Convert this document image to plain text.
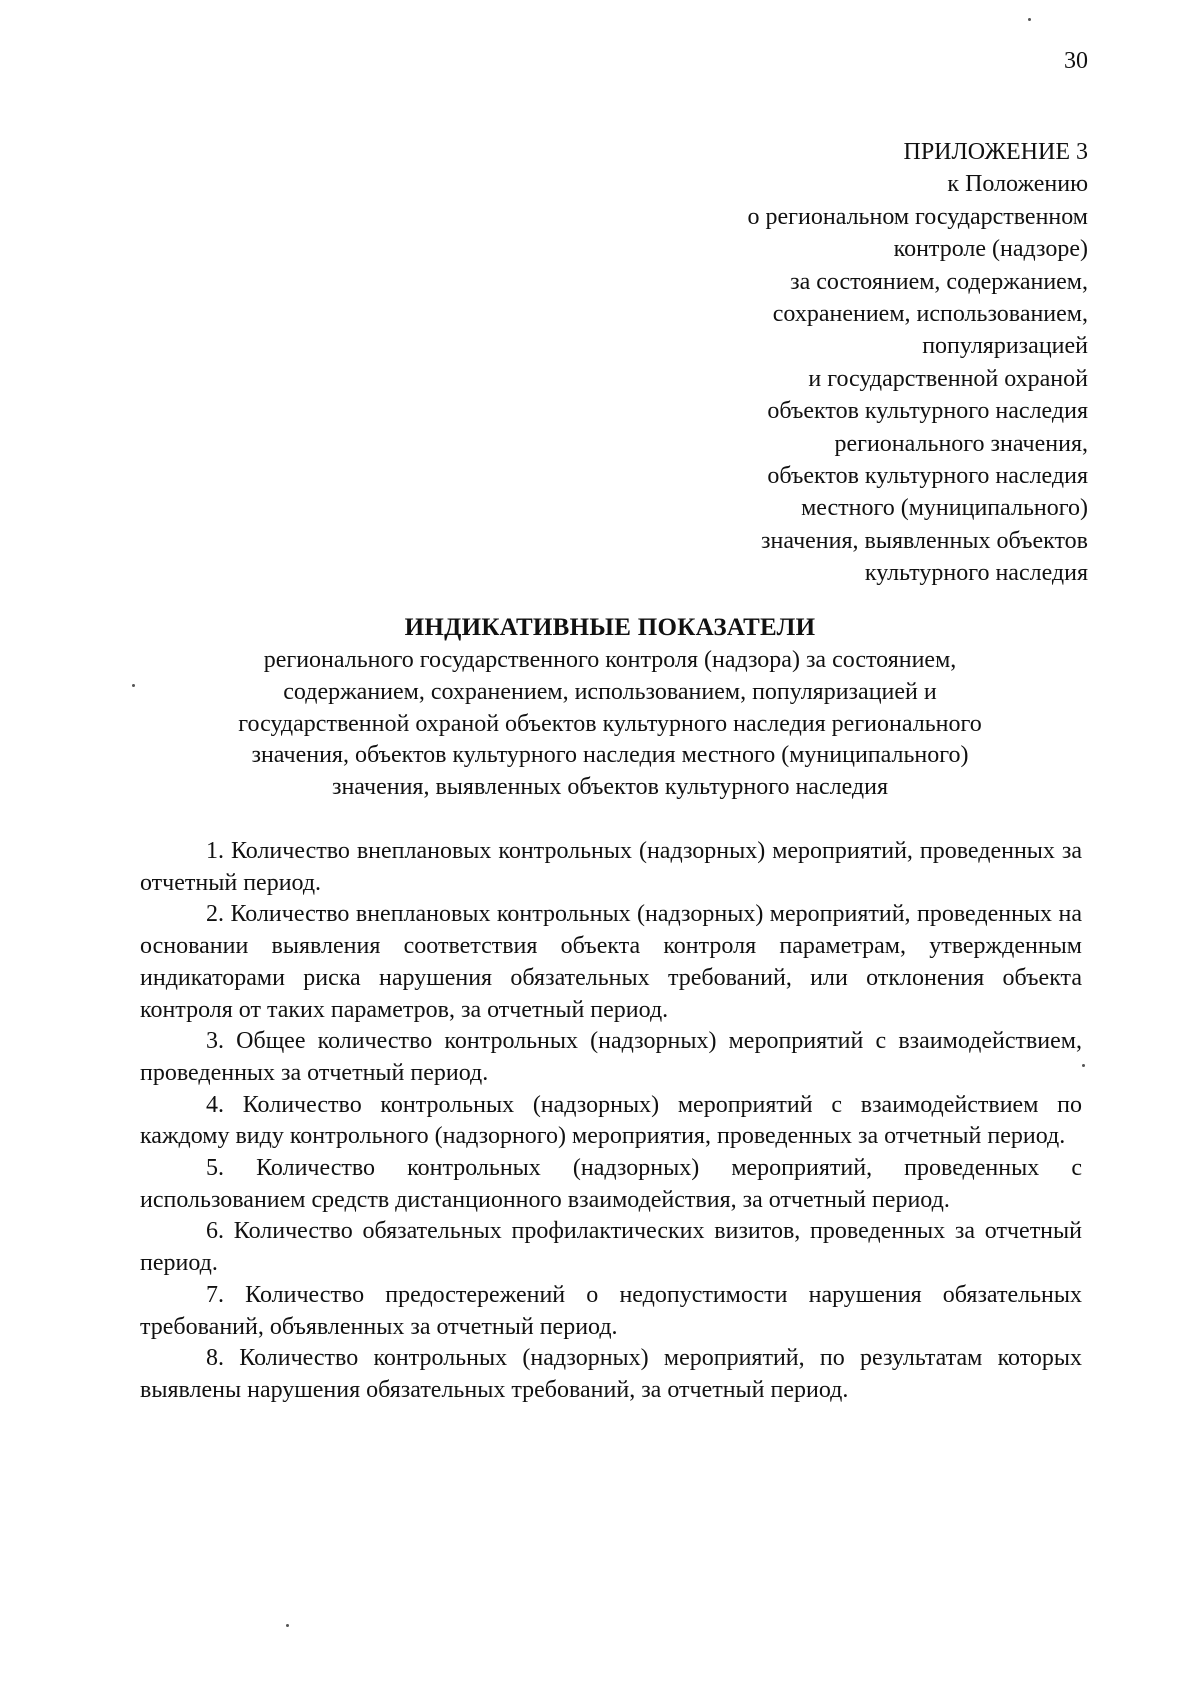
30
ПРИЛОЖЕНИЕ 3
к Положению
о региональном государственном
контроле (надзоре)
за состоянием, содержанием,
сохранением, использованием,
популяризацией
и государственной охраной
объектов культурного наследия
регионального значения,
объектов культурного наследия
местного (муниципального)
значения, выявленных объектов
культурного наследия
ИНДИКАТИВНЫЕ ПОКАЗАТЕЛИ
регионального государственного контроля (надзора) за состоянием,
содержанием, сохранением, использованием, популяризацией и
государственной охраной объектов культурного наследия регионального
значения, объектов культурного наследия местного (муниципального)
значения, выявленных объектов культурного наследия

1. Количество внеплановых контрольных (надзорных) мероприятий, проведенных за отчетный период.

2. Количество внеплановых контрольных (надзорных) мероприятий, проведенных на основании выявления соответствия объекта контроля параметрам, утвержденным индикаторами риска нарушения обязательных требований, или отклонения объекта контроля от таких параметров, за отчетный период.

3. Общее количество контрольных (надзорных) мероприятий с взаимодействием, проведенных за отчетный период.

4. Количество контрольных (надзорных) мероприятий с взаимодействием по каждому виду контрольного (надзорного) мероприятия, проведенных за отчетный период.

5. Количество контрольных (надзорных) мероприятий, проведенных с использованием средств дистанционного взаимодействия, за отчетный период.

6. Количество обязательных профилактических визитов, проведенных за отчетный период.

7. Количество предостережений о недопустимости нарушения обязательных требований, объявленных за отчетный период.

8. Количество контрольных (надзорных) мероприятий, по результатам которых выявлены нарушения обязательных требований, за отчетный период.
